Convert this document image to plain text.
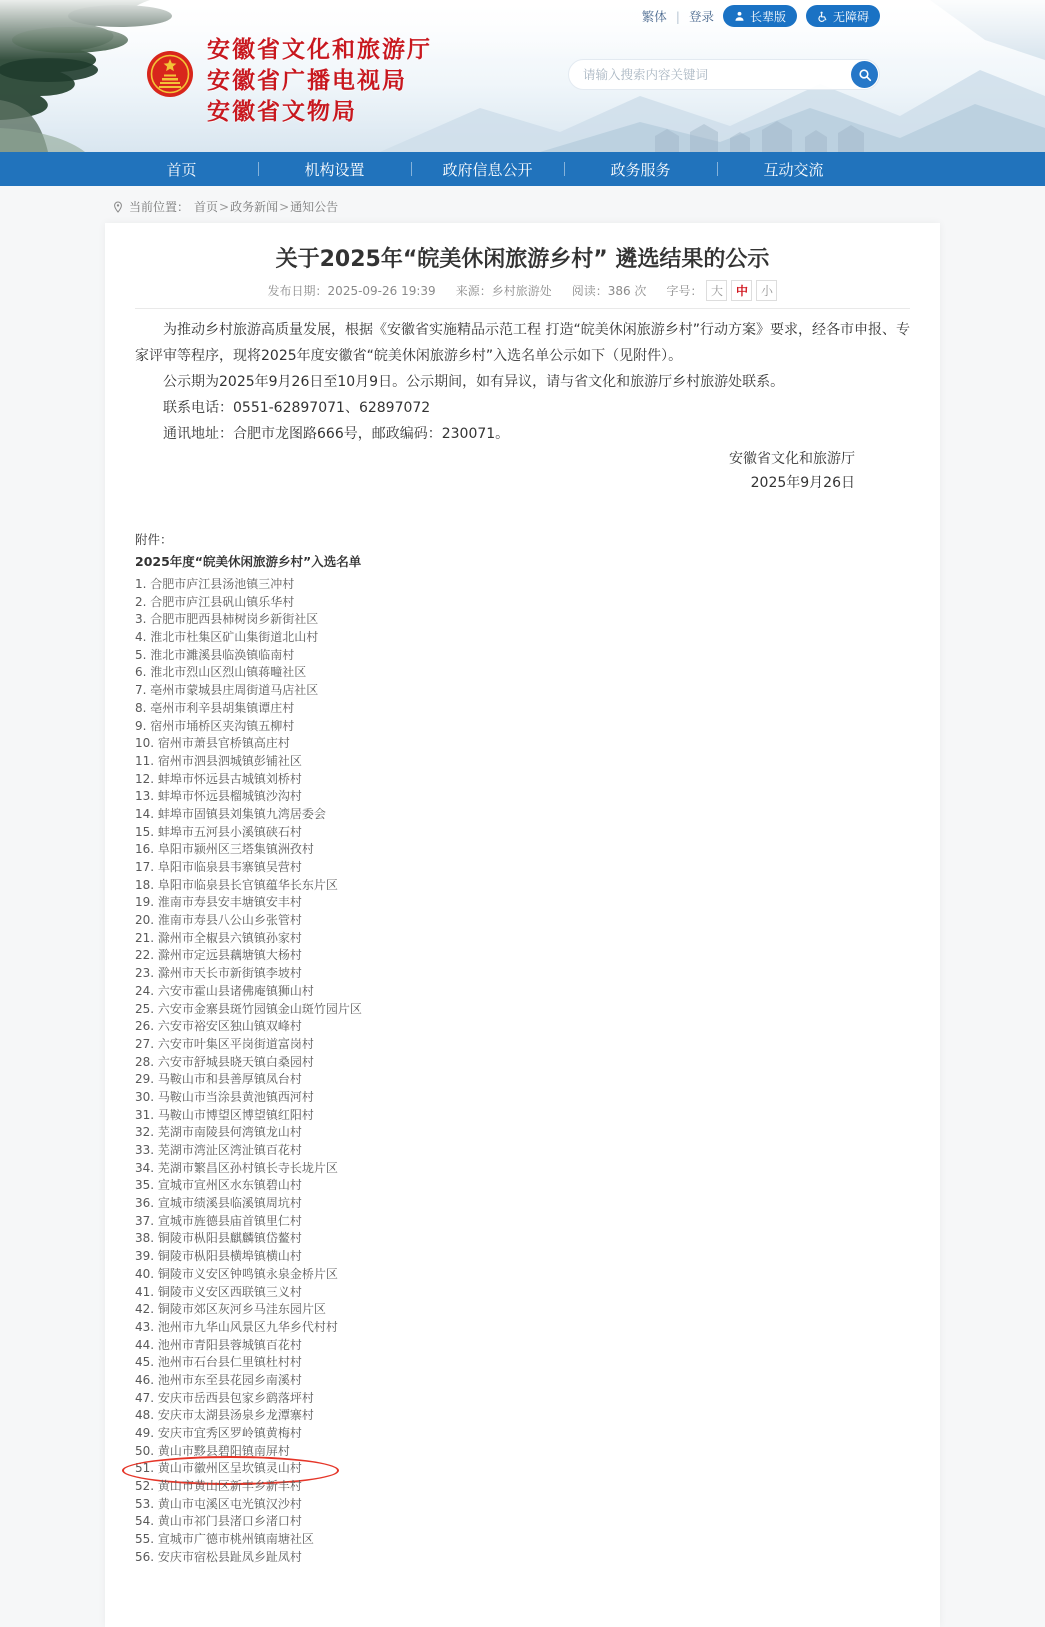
繁体 | 登录	长辈版	无障碍
安徽省文化和旅游厅
安徽省广播电视局
安徽省文物局
请输入搜索内容关键词
首页	机构设置	政府信息公开	政务服务	互动交流
当前位置： 首页 > 政务新闻 > 通知公告
关于2025年“皖美休闲旅游乡村” 遴选结果的公示
发布日期：2025-09-26 19:39 来源：乡村旅游处 阅读：386 次 字号： 大	中	小

为推动乡村旅游高质量发展，根据《安徽省实施精品示范工程 打造“皖美休闲旅游乡村”行动方案》要求，经各市申报、专家评审等程序，现将2025年度安徽省“皖美休闲旅游乡村”入选名单公示如下（见附件）。

公示期为2025年9月26日至10月9日。公示期间，如有异议，请与省文化和旅游厅乡村旅游处联系。

联系电话：0551-62897071、62897072

通讯地址：合肥市龙图路666号，邮政编码：230071。

安徽省文化和旅游厅
2025年9月26日
附件：
2025年度“皖美休闲旅游乡村”入选名单
1. 合肥市庐江县汤池镇三冲村
2. 合肥市庐江县矾山镇乐华村
3. 合肥市肥西县柿树岗乡新街社区
4. 淮北市杜集区矿山集街道北山村
5. 淮北市濉溪县临涣镇临南村
6. 淮北市烈山区烈山镇蒋疃社区
7. 亳州市蒙城县庄周街道马店社区
8. 亳州市利辛县胡集镇谭庄村
9. 宿州市埇桥区夹沟镇五柳村
10. 宿州市萧县官桥镇高庄村
11. 宿州市泗县泗城镇彭铺社区
12. 蚌埠市怀远县古城镇刘桥村
13. 蚌埠市怀远县榴城镇沙沟村
14. 蚌埠市固镇县刘集镇九湾居委会
15. 蚌埠市五河县小溪镇硖石村
16. 阜阳市颍州区三塔集镇洲孜村
17. 阜阳市临泉县韦寨镇吴营村
18. 阜阳市临泉县长官镇蕴华长东片区
19. 淮南市寿县安丰塘镇安丰村
20. 淮南市寿县八公山乡张管村
21. 滁州市全椒县六镇镇孙家村
22. 滁州市定远县藕塘镇大杨村
23. 滁州市天长市新街镇李坡村
24. 六安市霍山县诸佛庵镇狮山村
25. 六安市金寨县斑竹园镇金山斑竹园片区
26. 六安市裕安区独山镇双峰村
27. 六安市叶集区平岗街道富岗村
28. 六安市舒城县晓天镇白桑园村
29. 马鞍山市和县善厚镇凤台村
30. 马鞍山市当涂县黄池镇西河村
31. 马鞍山市博望区博望镇红阳村
32. 芜湖市南陵县何湾镇龙山村
33. 芜湖市湾沚区湾沚镇百花村
34. 芜湖市繁昌区孙村镇长寺长垅片区
35. 宣城市宣州区水东镇碧山村
36. 宣城市绩溪县临溪镇周坑村
37. 宣城市旌德县庙首镇里仁村
38. 铜陵市枞阳县麒麟镇岱鳌村
39. 铜陵市枞阳县横埠镇横山村
40. 铜陵市义安区钟鸣镇永泉金桥片区
41. 铜陵市义安区西联镇三义村
42. 铜陵市郊区灰河乡马洼东园片区
43. 池州市九华山风景区九华乡代村村
44. 池州市青阳县蓉城镇百花村
45. 池州市石台县仁里镇杜村村
46. 池州市东至县花园乡南溪村
47. 安庆市岳西县包家乡鹞落坪村
48. 安庆市太湖县汤泉乡龙潭寨村
49. 安庆市宜秀区罗岭镇黄梅村
50. 黄山市黟县碧阳镇南屏村
51. 黄山市徽州区呈坎镇灵山村
52. 黄山市黄山区新丰乡新丰村
53. 黄山市屯溪区屯光镇汉沙村
54. 黄山市祁门县渚口乡渚口村
55. 宣城市广德市桃州镇南塘社区
56. 安庆市宿松县趾凤乡趾凤村
